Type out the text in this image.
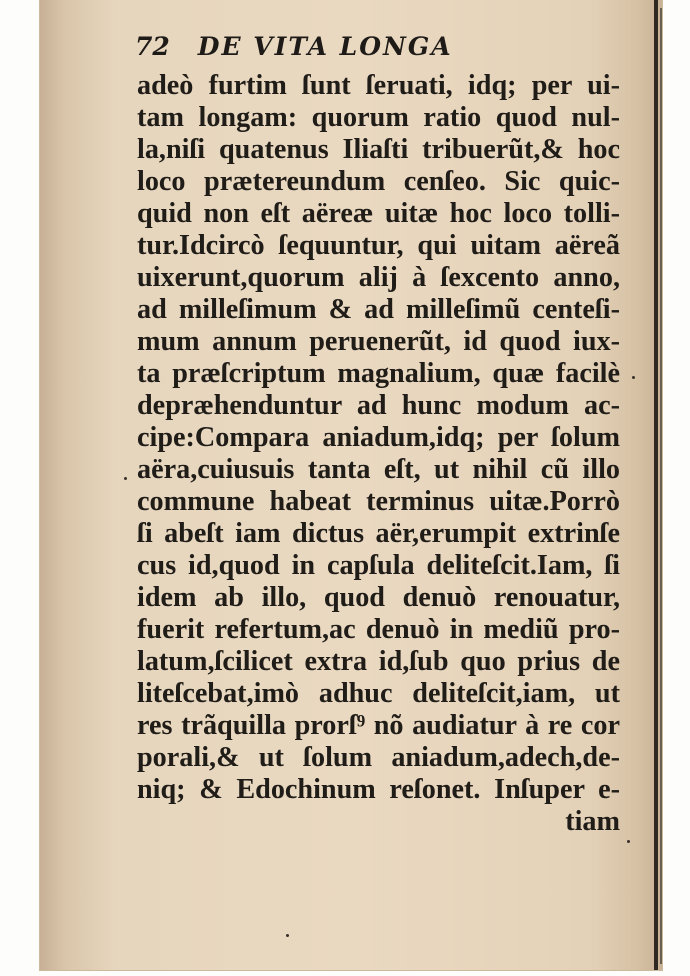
72 DE VITA LONGA
adeò furtim ſunt ſeruati, idq; per ui-
tam longam: quorum ratio quod nul-
la,niſi quatenus Iliaſti tribuerũt,& hoc
loco prætereundum cenſeo. Sic quic-
quid non eſt aëreæ uitæ hoc loco tolli-
tur.Idcircò ſequuntur, qui uitam aëreã
uixerunt,quorum alij à ſexcento anno,
ad milleſimum & ad milleſimũ centeſi-
mum annum peruenerũt, id quod iux-
ta præſcriptum magnalium, quæ facilè
depræhenduntur ad hunc modum ac-
cipe:Compara aniadum,idq; per ſolum
aëra,cuiusuis tanta eſt, ut nihil cũ illo
commune habeat terminus uitæ.Porrò
ſi abeſt iam dictus aër,erumpit extrinſe
cus id,quod in capſula deliteſcit.Iam, ſi
idem ab illo, quod denuò renouatur,
fuerit refertum,ac denuò in mediũ pro-
latum,ſcilicet extra id,ſub quo prius de
liteſcebat,imò adhuc deliteſcit,iam, ut
res trãquilla prorſ⁹ nõ audiatur à re cor
porali,& ut ſolum aniadum,adech,de-
niq; & Edochinum reſonet. Inſuper e-
tiam
